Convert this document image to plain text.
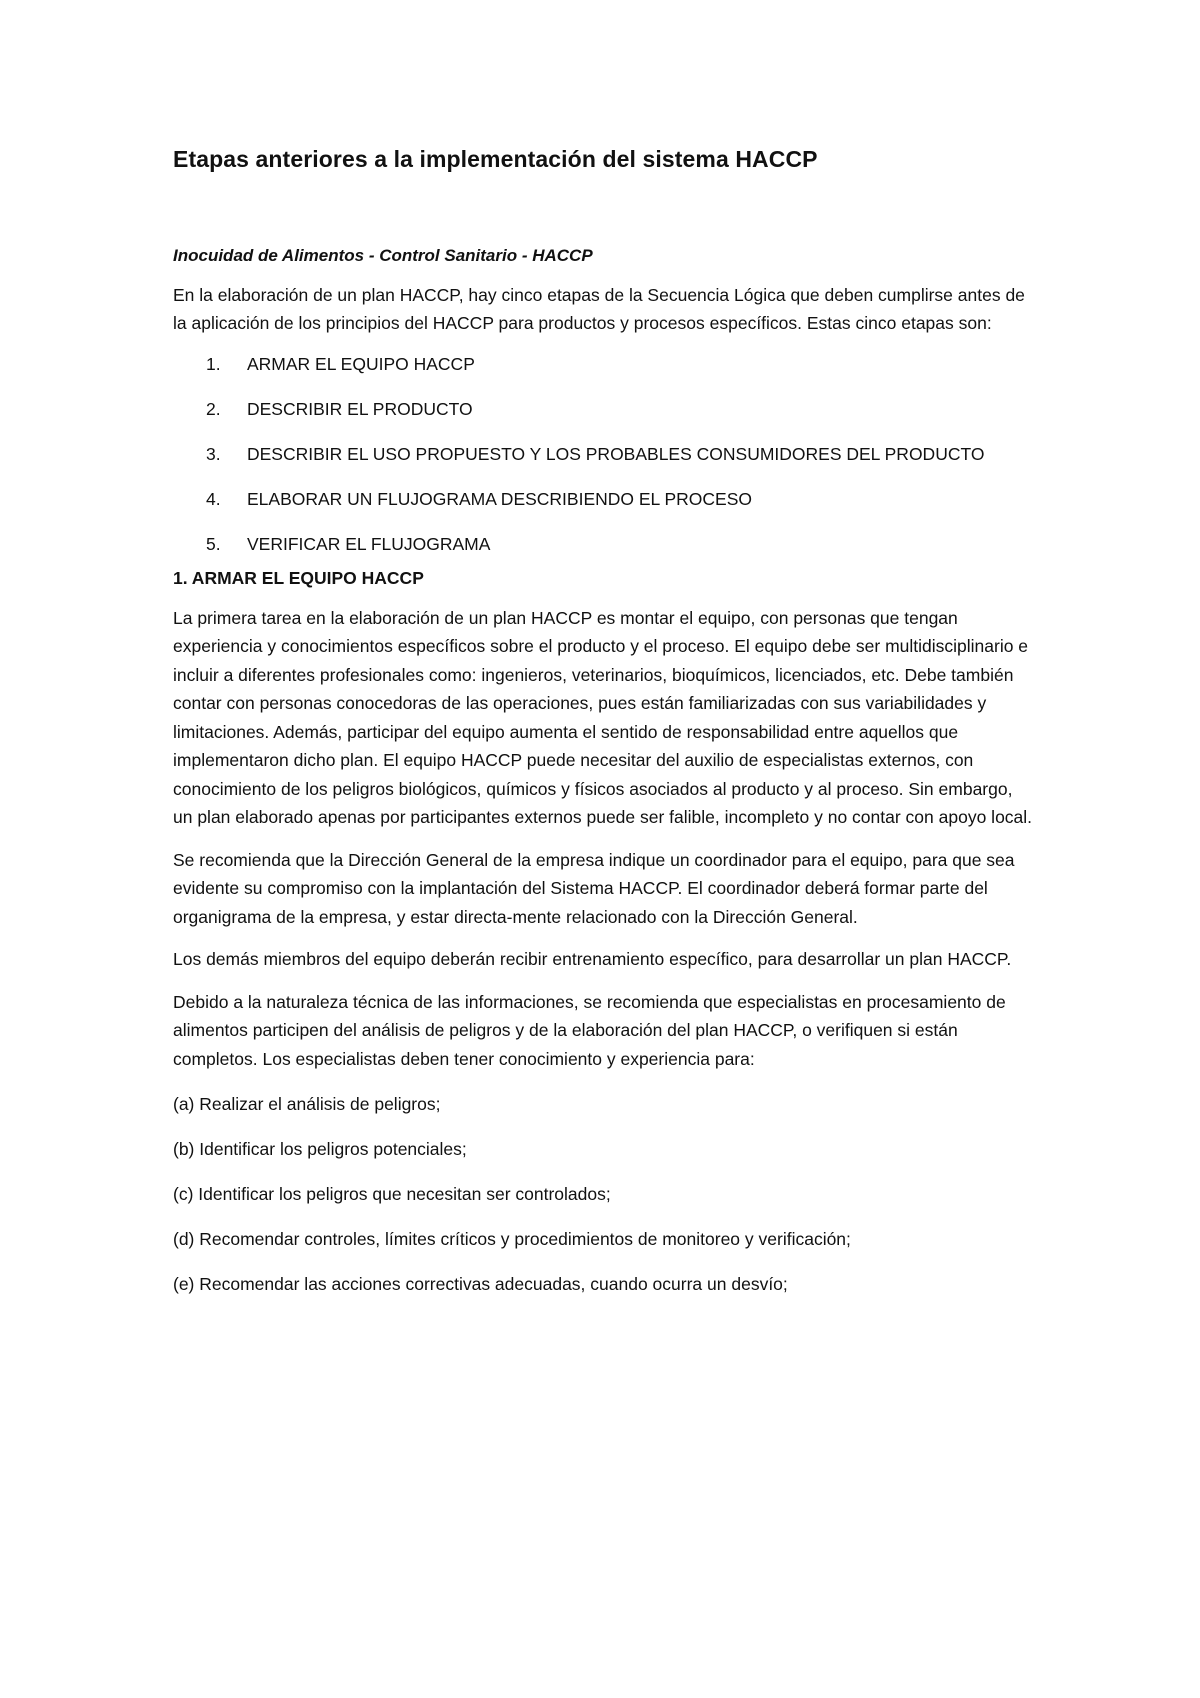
Etapas anteriores a la implementación del sistema HACCP

Inocuidad de Alimentos - Control Sanitario - HACCP

En la elaboración de un plan HACCP, hay cinco etapas de la Secuencia Lógica que deben cumplirse antes de la aplicación de los principios del HACCP para productos y procesos específicos. Estas cinco etapas son:

1.	ARMAR EL EQUIPO HACCP
2.	DESCRIBIR EL PRODUCTO
3.	DESCRIBIR EL USO PROPUESTO Y LOS PROBABLES CONSUMIDORES DEL PRODUCTO
4.	ELABORAR UN FLUJOGRAMA DESCRIBIENDO EL PROCESO
5.	VERIFICAR EL FLUJOGRAMA
1. ARMAR EL EQUIPO HACCP

La primera tarea en la elaboración de un plan HACCP es montar el equipo, con personas que tengan experiencia y conocimientos específicos sobre el producto y el proceso. El equipo debe ser multidisciplinario e incluir a diferentes profesionales como: ingenieros, veterinarios, bioquímicos, licenciados, etc. Debe también contar con personas conocedoras de las operaciones, pues están familiarizadas con sus variabilidades y limitaciones. Además, participar del equipo aumenta el sentido de responsabilidad entre aquellos que implementaron dicho plan. El equipo HACCP puede necesitar del auxilio de especialistas externos, con conocimiento de los peligros biológicos, químicos y físicos asociados al producto y al proceso. Sin embargo, un plan elaborado apenas por participantes externos puede ser falible, incompleto y no contar con apoyo local.

Se recomienda que la Dirección General de la empresa indique un coordinador para el equipo, para que sea evidente su compromiso con la implantación del Sistema HACCP. El coordinador deberá formar parte del organigrama de la empresa, y estar directa-mente relacionado con la Dirección General.

Los demás miembros del equipo deberán recibir entrenamiento específico, para desarrollar un plan HACCP.

Debido a la naturaleza técnica de las informaciones, se recomienda que especialistas en procesamiento de alimentos participen del análisis de peligros y de la elaboración del plan HACCP, o verifiquen si están completos. Los especialistas deben tener conocimiento y experiencia para:

(a) Realizar el análisis de peligros;

(b) Identificar los peligros potenciales;

(c) Identificar los peligros que necesitan ser controlados;

(d) Recomendar controles, límites críticos y procedimientos de monitoreo y verificación;

(e) Recomendar las acciones correctivas adecuadas, cuando ocurra un desvío;
